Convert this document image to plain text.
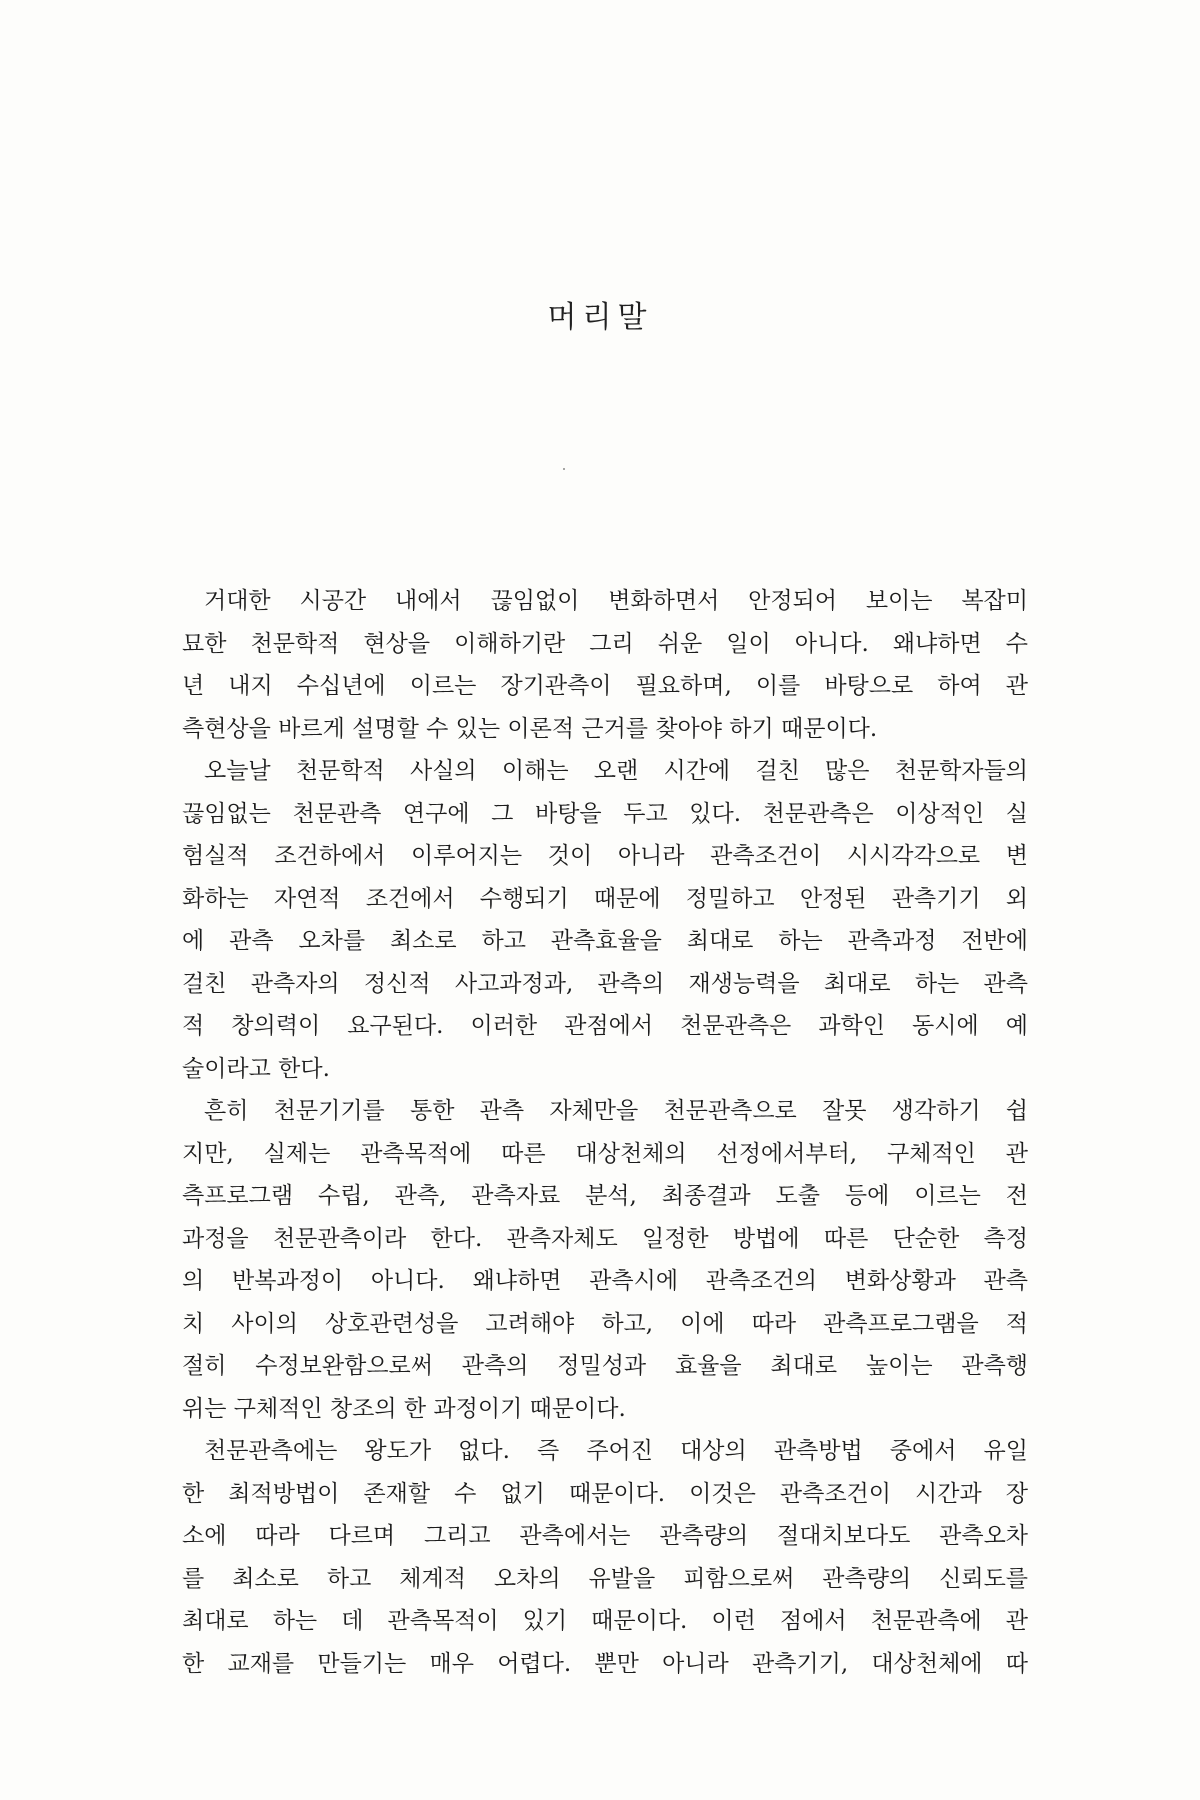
머리말
거대한 시공간 내에서 끊임없이 변화하면서 안정되어 보이는 복잡미
묘한 천문학적 현상을 이해하기란 그리 쉬운 일이 아니다. 왜냐하면 수
년 내지 수십년에 이르는 장기관측이 필요하며, 이를 바탕으로 하여 관
측현상을 바르게 설명할 수 있는 이론적 근거를 찾아야 하기 때문이다.
오늘날 천문학적 사실의 이해는 오랜 시간에 걸친 많은 천문학자들의
끊임없는 천문관측 연구에 그 바탕을 두고 있다. 천문관측은 이상적인 실
험실적 조건하에서 이루어지는 것이 아니라 관측조건이 시시각각으로 변
화하는 자연적 조건에서 수행되기 때문에 정밀하고 안정된 관측기기 외
에 관측 오차를 최소로 하고 관측효율을 최대로 하는 관측과정 전반에
걸친 관측자의 정신적 사고과정과, 관측의 재생능력을 최대로 하는 관측
적 창의력이 요구된다. 이러한 관점에서 천문관측은 과학인 동시에 예
술이라고 한다.
흔히 천문기기를 통한 관측 자체만을 천문관측으로 잘못 생각하기 쉽
지만, 실제는 관측목적에 따른 대상천체의 선정에서부터, 구체적인 관
측프로그램 수립, 관측, 관측자료 분석, 최종결과 도출 등에 이르는 전
과정을 천문관측이라 한다. 관측자체도 일정한 방법에 따른 단순한 측정
의 반복과정이 아니다. 왜냐하면 관측시에 관측조건의 변화상황과 관측
치 사이의 상호관련성을 고려해야 하고, 이에 따라 관측프로그램을 적
절히 수정보완함으로써 관측의 정밀성과 효율을 최대로 높이는 관측행
위는 구체적인 창조의 한 과정이기 때문이다.
천문관측에는 왕도가 없다. 즉 주어진 대상의 관측방법 중에서 유일
한 최적방법이 존재할 수 없기 때문이다. 이것은 관측조건이 시간과 장
소에 따라 다르며 그리고 관측에서는 관측량의 절대치보다도 관측오차
를 최소로 하고 체계적 오차의 유발을 피함으로써 관측량의 신뢰도를
최대로 하는 데 관측목적이 있기 때문이다. 이런 점에서 천문관측에 관
한 교재를 만들기는 매우 어렵다. 뿐만 아니라 관측기기, 대상천체에 따
